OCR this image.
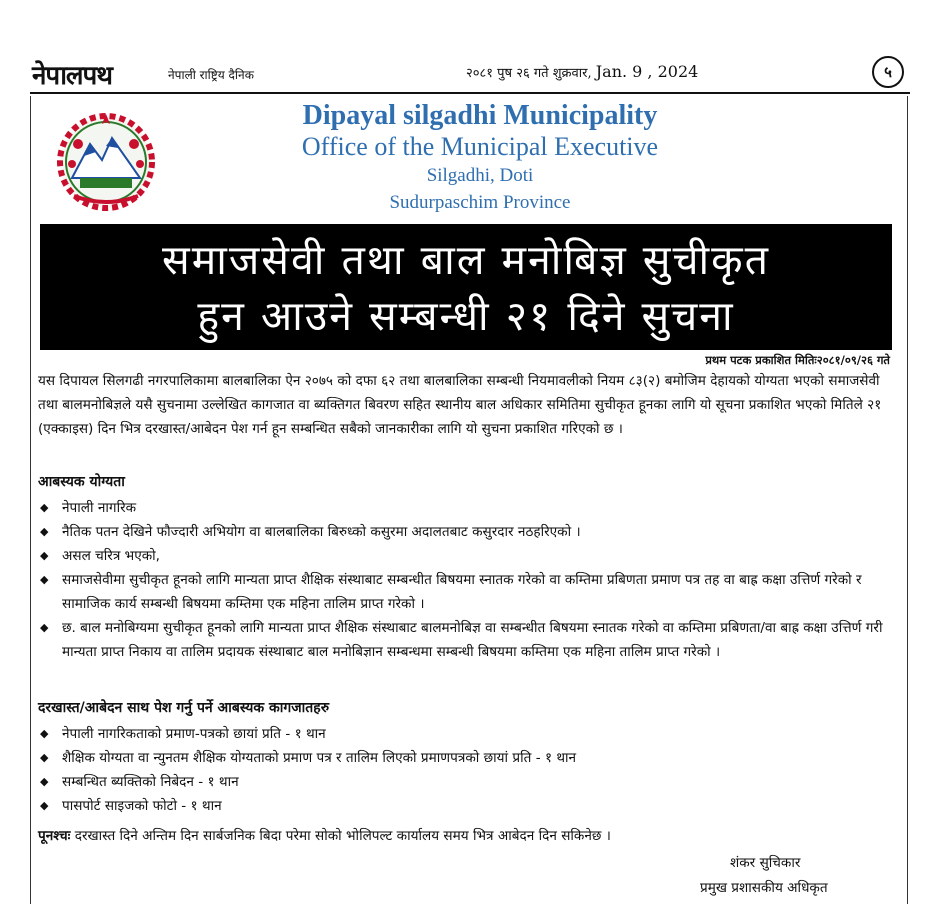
नेपालपथ	नेपाली राष्ट्रिय दैनिक	२०८१ पुष २६ गते शुक्रवार, Jan. 9 , 2024	५
Dipayal silgadhi Municipality
Office of the Municipal Executive
Silgadhi, Doti
Sudurpaschim Province
समाजसेवी तथा बाल मनोबिज्ञ सुचीकृत
हुन आउने सम्बन्धी २१ दिने सुचना
प्रथम पटक प्रकाशित मितिः२०८१/०९/२६ गते
यस दिपायल सिलगढी नगरपालिकामा बालबालिका ऐन २०७५ को दफा ६२ तथा बालबालिका सम्बन्धी नियमावलीको नियम ८३(२) बमोजिम देहायको योग्यता भएको समाजसेवी तथा बालमनोबिज्ञले यसै सुचनामा उल्लेखित कागजात वा ब्यक्तिगत बिवरण सहित स्थानीय बाल अधिकार समितिमा सुचीकृत हूनका लागि यो सूचना प्रकाशित भएको मितिले २१ (एक्काइस) दिन भित्र दरखास्त/आबेदन पेश गर्न हून सम्बन्धित सबैको जानकारीका लागि यो सुचना प्रकाशित गरिएको छ ।
आबस्यक योग्यता
◆ नेपाली नागरिक
◆ नैतिक पतन देखिने फौज्दारी अभियोग वा बालबालिका बिरुध्को कसुरमा अदालतबाट कसुरदार नठहरिएको ।
◆ असल चरित्र भएको,
◆ समाजसेवीमा सुचीकृत हूनको लागि मान्यता प्राप्त शैक्षिक संस्थाबाट सम्बन्धीत बिषयमा स्नातक गरेको वा कम्तिमा प्रबिणता प्रमाण पत्र तह वा बाह्र कक्षा उत्तिर्ण गरेको र सामाजिक कार्य सम्बन्धी बिषयमा कम्तिमा एक महिना तालिम प्राप्त गरेको ।
◆ छ. बाल मनोबिग्यमा सुचीकृत हूनको लागि मान्यता प्राप्त शैक्षिक संस्थाबाट बालमनोबिज्ञ वा सम्बन्धीत बिषयमा स्नातक गरेको वा कम्तिमा प्रबिणता/वा बाह्र कक्षा उत्तिर्ण गरी मान्यता प्राप्त निकाय वा तालिम प्रदायक संस्थाबाट बाल मनोबिज्ञान सम्बन्धमा सम्बन्धी बिषयमा कम्तिमा एक महिना तालिम प्राप्त गरेको ।
दरखास्त/आबेदन साथ पेश गर्नु पर्ने आबस्यक कागजातहरु
◆ नेपाली नागरिकताको प्रमाण-पत्रको छायां प्रति - १ थान
◆ शैक्षिक योग्यता वा न्युनतम शैक्षिक योग्यताको प्रमाण पत्र र तालिम लिएको प्रमाणपत्रको छायां प्रति - १ थान
◆ सम्बन्धित ब्यक्तिको निबेदन - १ थान
◆ पासपोर्ट साइजको फोटो - १ थान
पूनश्चः दरखास्त दिने अन्तिम दिन सार्बजनिक बिदा परेमा सोको भोलिपल्ट कार्यालय समय भित्र आबेदन दिन सकिनेछ ।
शंकर सुचिकार
प्रमुख प्रशासकीय अधिकृत
